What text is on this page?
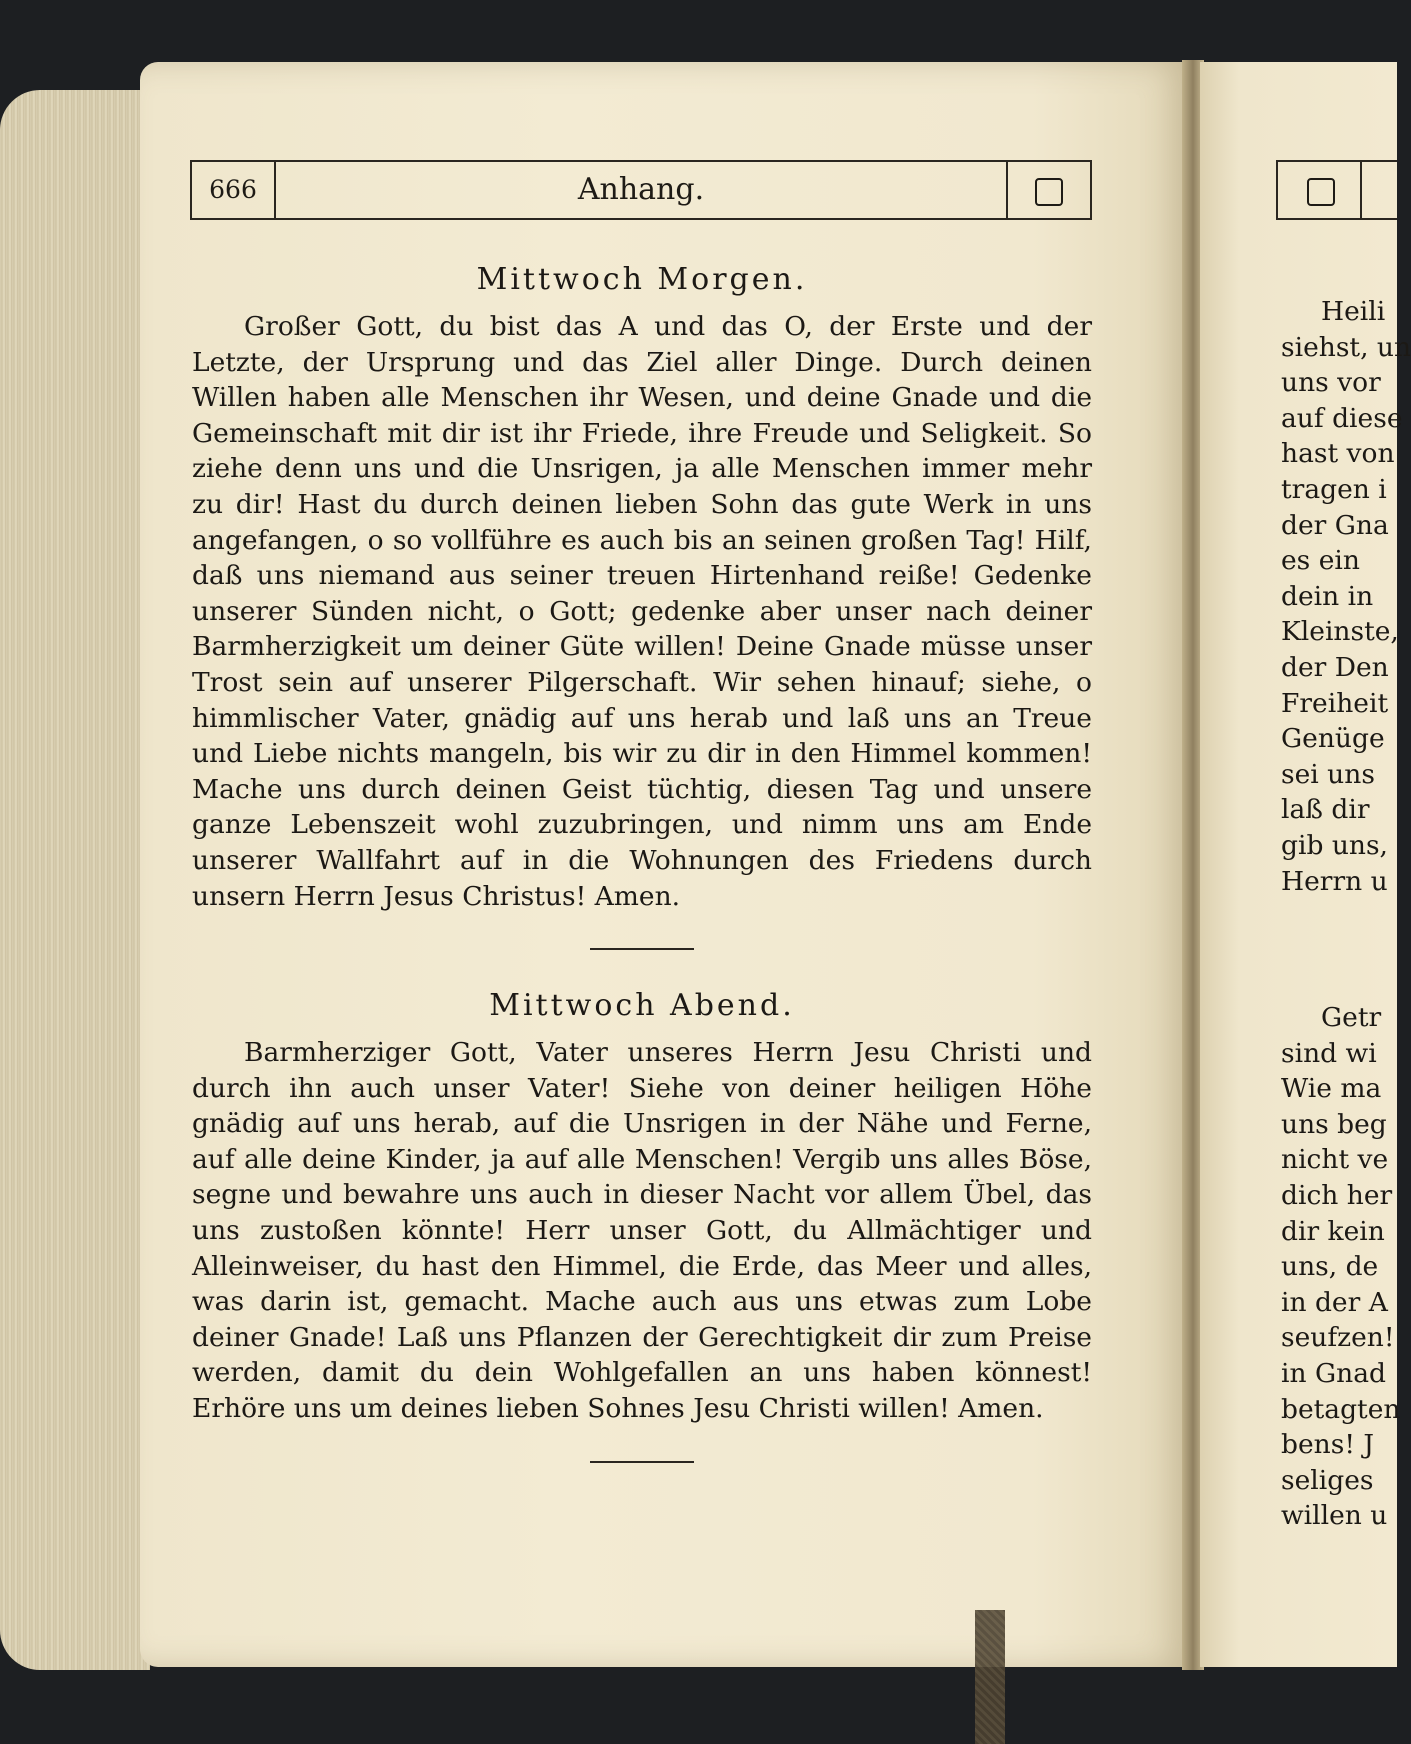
666	Anhang.
Mittwoch Morgen.

Großer Gott, du bist das A und das O, der Erste und der Letzte, der Ursprung und das Ziel aller Dinge. Durch deinen Willen haben alle Menschen ihr Wesen, und deine Gnade und die Gemeinschaft mit dir ist ihr Friede, ihre Freude und Seligkeit. So ziehe denn uns und die Unsrigen, ja alle Menschen immer mehr zu dir! Hast du durch deinen lieben Sohn das gute Werk in uns angefangen, o so vollführe es auch bis an seinen großen Tag! Hilf, daß uns niemand aus seiner treuen Hirtenhand reiße! Gedenke unserer Sünden nicht, o Gott; gedenke aber unser nach deiner Barmherzigkeit um deiner Güte willen! Deine Gnade müsse unser Trost sein auf unserer Pilgerschaft. Wir sehen hinauf; siehe, o himmlischer Vater, gnädig auf uns herab und laß uns an Treue und Liebe nichts mangeln, bis wir zu dir in den Himmel kommen! Mache uns durch deinen Geist tüchtig, diesen Tag und unsere ganze Lebenszeit wohl zuzubringen, und nimm uns am Ende unserer Wallfahrt auf in die Wohnungen des Friedens durch unsern Herrn Jesus Christus! Amen.

Mittwoch Abend.

Barmherziger Gott, Vater unseres Herrn Jesu Christi und durch ihn auch unser Vater! Siehe von deiner heiligen Höhe gnädig auf uns herab, auf die Unsrigen in der Nähe und Ferne, auf alle deine Kinder, ja auf alle Menschen! Vergib uns alles Böse, segne und bewahre uns auch in dieser Nacht vor allem Übel, das uns zustoßen könnte! Herr unser Gott, du Allmächtiger und Alleinweiser, du hast den Himmel, die Erde, das Meer und alles, was darin ist, gemacht. Mache auch aus uns etwas zum Lobe deiner Gnade! Laß uns Pflanzen der Gerechtigkeit dir zum Preise werden, damit du dein Wohlgefallen an uns haben könnest! Erhöre uns um deines lieben Sohnes Jesu Christi willen! Amen.

Heili
siehst, un
uns vor
auf diese
hast von
tragen i
der Gna
es ein
dein in
Kleinste,
der Den
Freiheit
Genüge
sei uns
laß dir
gib uns,
Herrn u
Getr
sind wi
Wie ma
uns beg
nicht ve
dich her
dir kein
uns, de
in der A
seufzen!
in Gnad
betagten
bens! J
seliges
willen u
